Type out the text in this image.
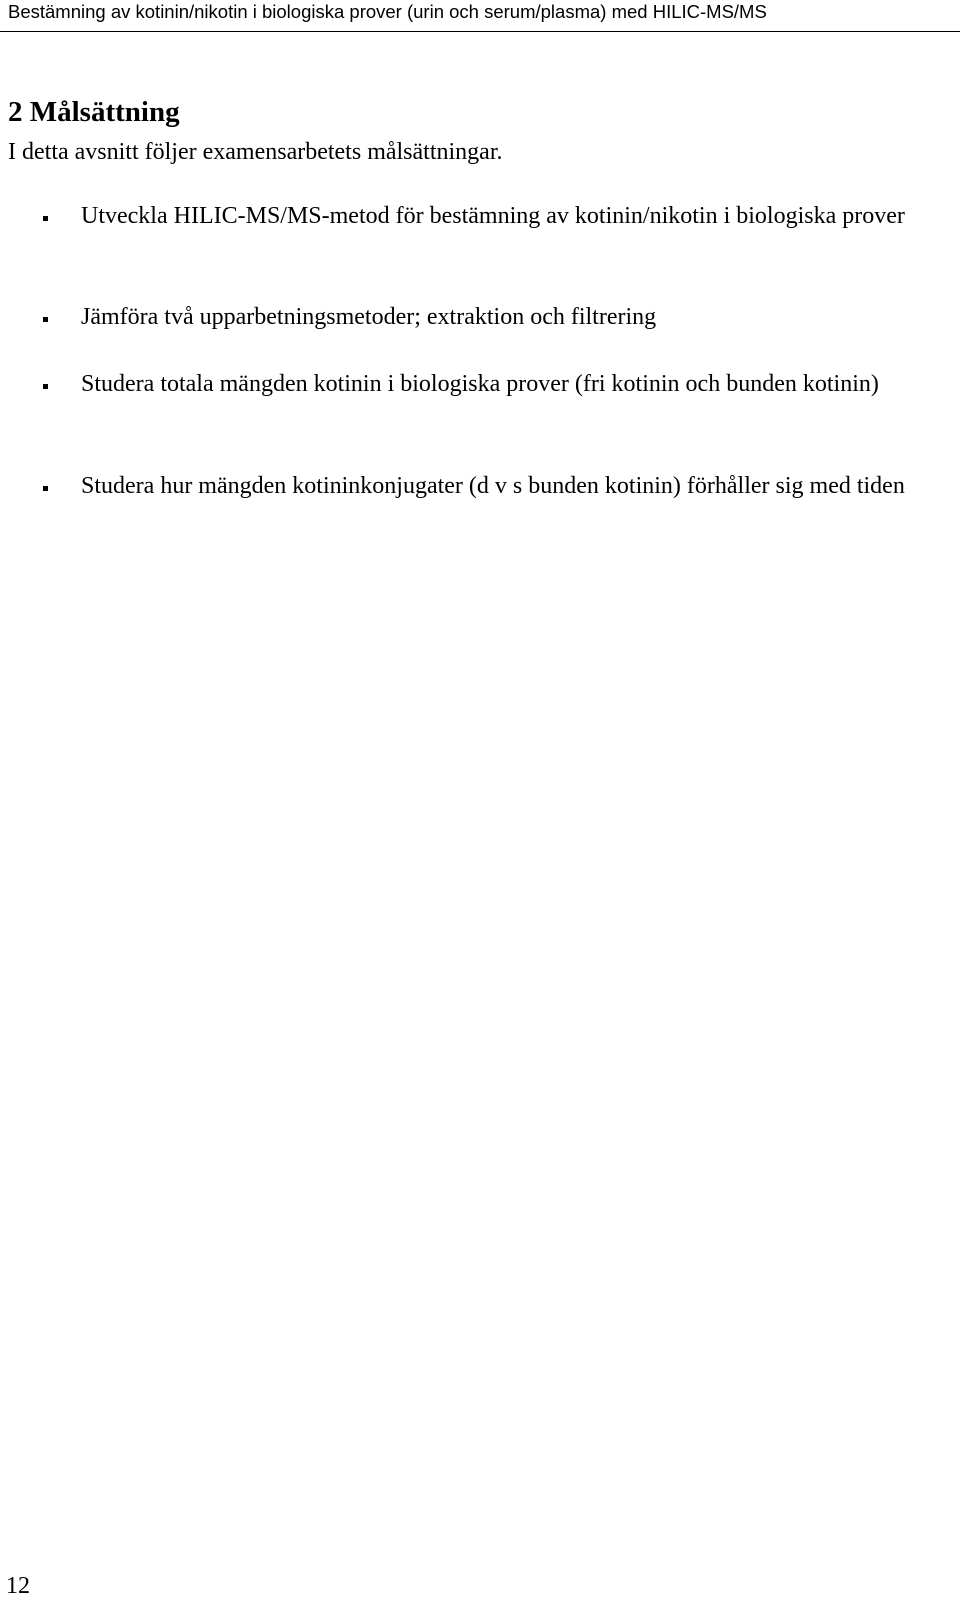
Bestämning av kotinin/nikotin i biologiska prover (urin och serum/plasma) med HILIC-MS/MS
2 Målsättning

I detta avsnitt följer examensarbetets målsättningar.

Utveckla HILIC-MS/MS-metod för bestämning av kotinin/nikotin i biologiska prover
Jämföra två upparbetningsmetoder; extraktion och filtrering
Studera totala mängden kotinin i biologiska prover (fri kotinin och bunden kotinin)
Studera hur mängden kotininkonjugater (d v s bunden kotinin) förhåller sig med tiden
12
